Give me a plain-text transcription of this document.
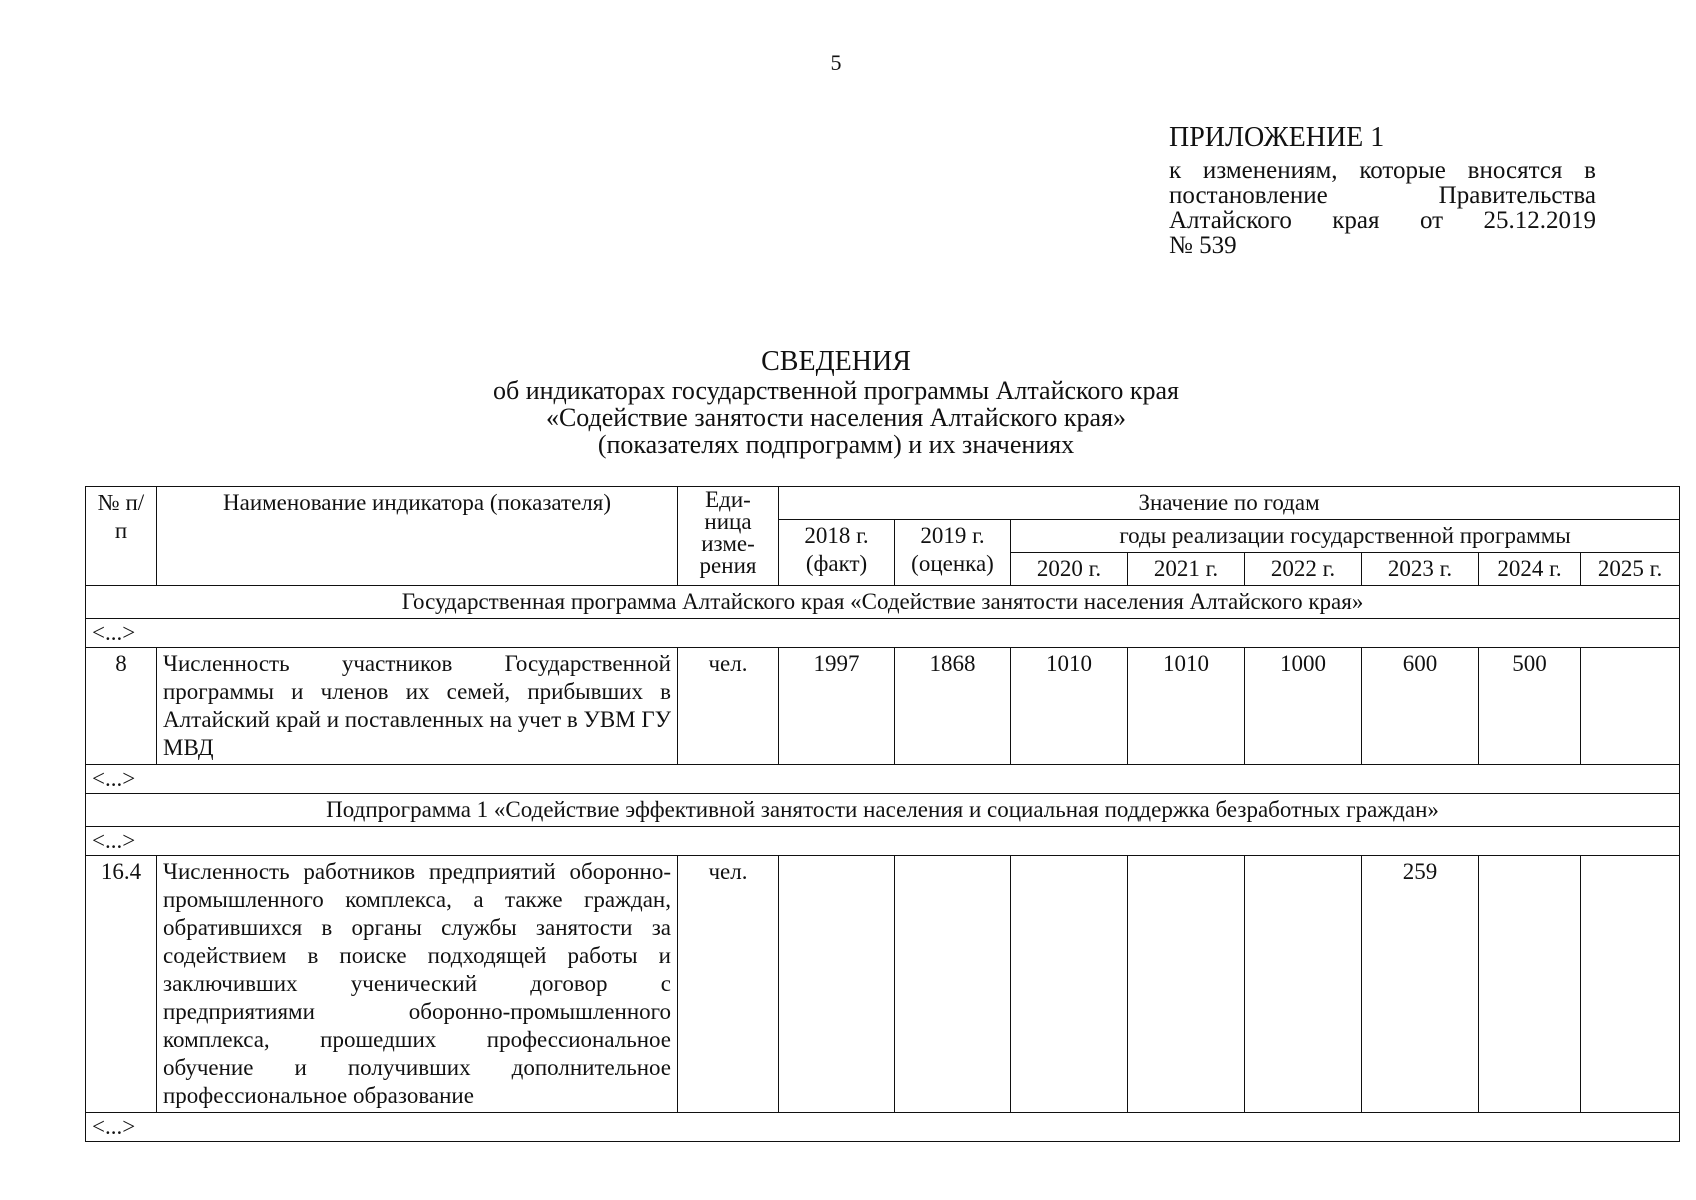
5
ПРИЛОЖЕНИЕ 1
к изменениям, которые вносятся в
постановление Правительства
Алтайского края от 25.12.2019
№ 539
СВЕДЕНИЯ
об индикаторах государственной программы Алтайского края
«Содействие занятости населения Алтайского края»
(показателях подпрограмм) и их значениях
№ п/п	Наименование индикатора (показателя)	Еди-ница изме-рения	Значение по годам							
			2018 г. (факт)	2019 г. (оценка)	годы реализации государственной программы					
					2020 г.	2021 г.	2022 г.	2023 г.	2024 г.	2025 г.
Государственная программа Алтайского края «Содействие занятости населения Алтайского края»										
<...>										
8	Численность участников Государственной программы и членов их семей, прибывших в Алтайский край и поставленных на учет в УВМ ГУ МВД	чел.	1997	1868	1010	1010	1000	600	500	
<...>										
Подпрограмма 1 «Содействие эффективной занятости населения и социальная поддержка безработных граждан»										
<...>										
16.4	Численность работников предприятий оборонно-промышленного комплекса, а также граждан, обратившихся в органы службы занятости за содействием в поиске подходящей работы и заключивших ученический договор с предприятиями оборонно-промышленного комплекса, прошедших профессиональное обучение и получивших дополнительное профессиональное образование	чел.						259		
<...>										
